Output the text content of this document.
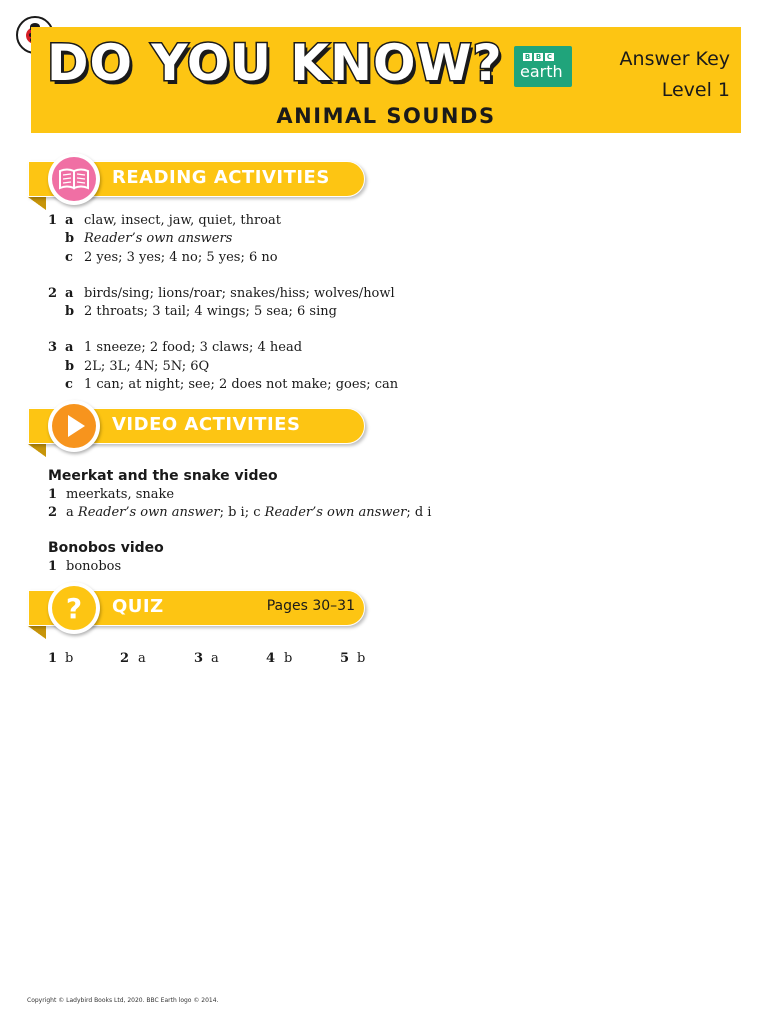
DO YOU KNOW?	B B C
earth
ANIMAL SOUNDS
Answer Key
Level 1
READING ACTIVITIES
1 a claw, insect, jaw, quiet, throat
b Reader’s own answers
c 2 yes; 3 yes; 4 no; 5 yes; 6 no
2 a birds/sing; lions/roar; snakes/hiss; wolves/howl
b 2 throats; 3 tail; 4 wings; 5 sea; 6 sing
3 a 1 sneeze; 2 food; 3 claws; 4 head
b 2L; 3L; 4N; 5N; 6Q
c 1 can; at night; see; 2 does not make; goes; can
VIDEO ACTIVITIES
Meerkat and the snake video
1 meerkats, snake
2 a Reader’s own answer; b i; c Reader’s own answer; d i
Bonobos video
1 bonobos
? QUIZ	Pages 30–31
1 b	2 a	3 a	4 b	5 b
Copyright © Ladybird Books Ltd, 2020. BBC Earth logo © 2014.
